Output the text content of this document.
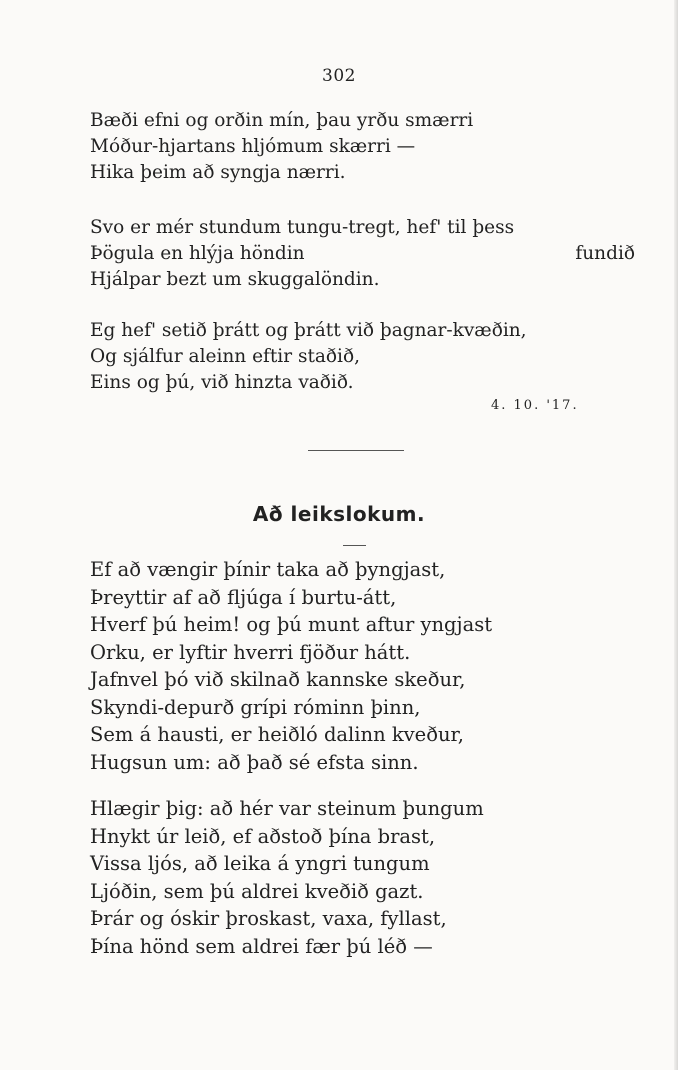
302
Bæði efni og orðin mín, þau yrðu smærri
Móður-hjartans hljómum skærri —
Hika þeim að syngja nærri.
Svo er mér stundum tungu-tregt, hef' til þess
Þögula en hlýja höndin	fundið
Hjálpar bezt um skuggalöndin.
Eg hef' setið þrátt og þrátt við þagnar-kvæðin,
Og sjálfur aleinn eftir staðið,
Eins og þú, við hinzta vaðið.
4. 10. '17.
Að leikslokum.
Ef að vængir þínir taka að þyngjast,
Þreyttir af að fljúga í burtu-átt,
Hverf þú heim! og þú munt aftur yngjast
Orku, er lyftir hverri fjöður hátt.
Jafnvel þó við skilnað kannske skeður,
Skyndi-depurð grípi róminn þinn,
Sem á hausti, er heiðló dalinn kveður,
Hugsun um: að það sé efsta sinn.
Hlægir þig: að hér var steinum þungum
Hnykt úr leið, ef aðstoð þína brast,
Vissa ljós, að leika á yngri tungum
Ljóðin, sem þú aldrei kveðið gazt.
Þrár og óskir þroskast, vaxa, fyllast,
Þína hönd sem aldrei fær þú léð —
